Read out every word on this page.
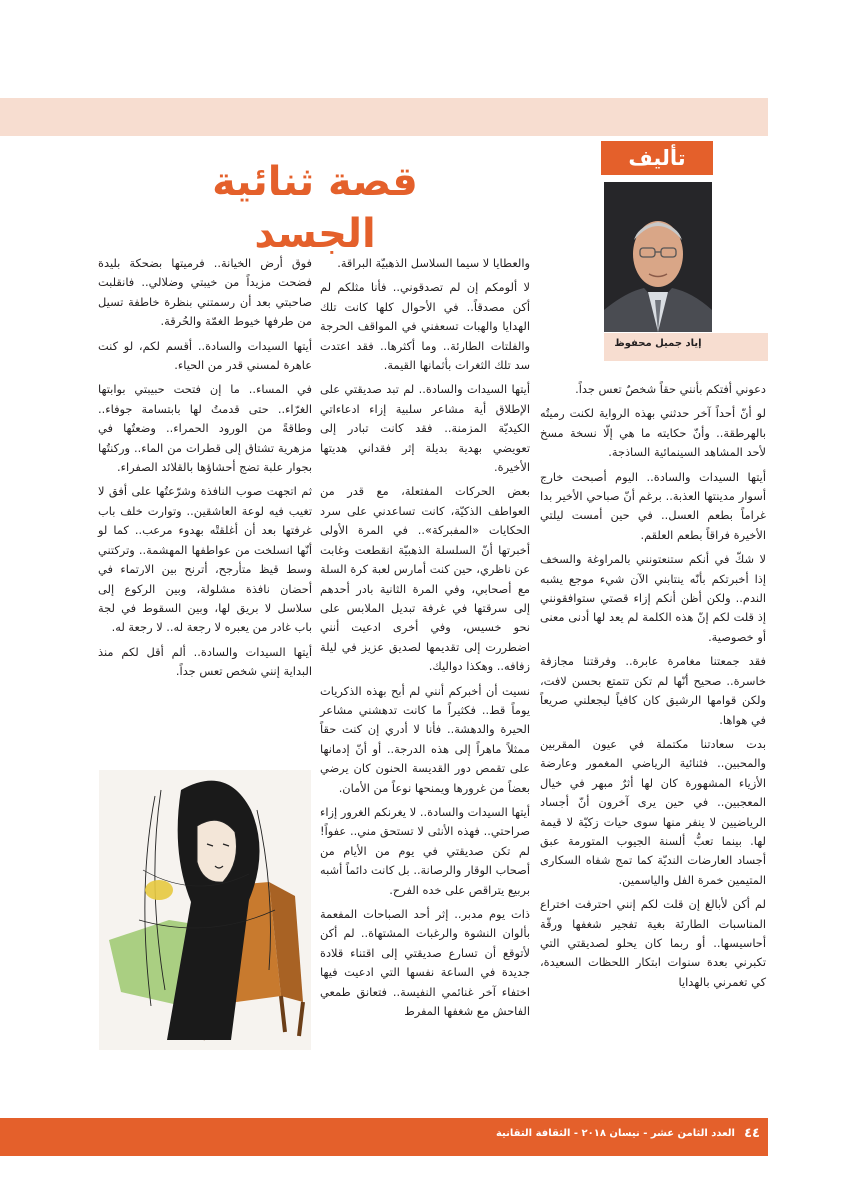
تأليف
قصة ثنائية الجسد
إياد جميل محفوظ

دعوني أفتكم بأنني حقاً شخصٌ تعس جداً.

لو أنّ أحداً آخر حدثني بهذه الرواية لكنت رميتُه بالهرطقة.. وأنّ حكايته ما هي إلّا نسخة مسخ لأحد المشاهد السينمائية الساذجة.

أيتها السيدات والسادة.. اليوم أصبحت خارج أسوار مدينتها العذبة.. برغم أنّ صباحي الأخير بدا غراماً بطعم العسل.. في حين أمست ليلتي الأخيرة فراقاً بطعم العلقم.

لا شكّ في أنكم ستنعتونني بالمراوغة والسخف إذا أخبرتكم بأنّه ينتابني الآن شيء موجع يشبه الندم.. ولكن أظن أنكم إزاء قصتي ستوافقونني إذ قلت لكم إنّ هذه الكلمة لم يعد لها أدنى معنى أو خصوصية.

فقد جمعتنا مغامرة عابرة.. وفرقتنا مجازفة خاسرة.. صحيح أنّها لم تكن تتمتع بحسن لافت، ولكن قوامها الرشيق كان كافياً ليجعلني صريعاً في هواها.

بدت سعادتنا مكتملة في عيون المقربين والمحبين.. فثنائية الرياضي المغمور وعارضة الأزياء المشهورة كان لها أثرٌ مبهر في خيال المعجبين.. في حين يرى آخرون أنّ أجساد الرياضيين لا ينفر منها سوى حيات زكيّة لا قيمة لها. بينما تعبُّ ألسنة الجيوب المتورمة عبق أجساد العارضات النديّة كما تمج شفاه السكارى المتيمين خمرة الفل والياسمين.

لم أكن لأبالغ إن قلت لكم إنني احترفت اختراع المناسبات الطارئة بغية تفجير شغفها ورقّة أحاسيسها.. أو ربما كان يحلو لصديقتي التي تكبرني بعدة سنوات ابتكار اللحظات السعيدة، كي تغمرني بالهدايا

والعطايا لا سيما السلاسل الذهبيّة البراقة.

لا ألومكم إن لم تصدقوني.. فأنا مثلكم لم أكن مصدقاً.. في الأحوال كلها كانت تلك الهدايا والهبات تسعفني في المواقف الحرجة والفلتات الطارئة.. وما أكثرها.. فقد اعتدت سد تلك الثغرات بأثمانها القيمة.

أيتها السيدات والسادة.. لم تبد صديقتي على الإطلاق أية مشاعر سلبية إزاء ادعاءاتي الكيديّة المزمنة.. فقد كانت تبادر إلى تعويضي بهدية بديلة إثر فقداني هديتها الأخيرة.

بعض الحركات المفتعلة، مع قدر من العواطف الذكيّة، كانت تساعدني على سرد الحكايات «المفبركة».. في المرة الأولى أخبرتها أنّ السلسلة الذهبيّة انقطعت وغابت عن ناظري، حين كنت أمارس لعبة كرة السلة مع أصحابي، وفي المرة الثانية بادر أحدهم إلى سرقتها في غرفة تبديل الملابس على نحو خسيس، وفي أخرى ادعيت أنني اضطررت إلى تقديمها لصديق عزيز في ليلة زفافه.. وهكذا دواليك.

نسيت أن أخبركم أنني لم أبح بهذه الذكريات يوماً قط.. فكثيراً ما كانت تدهشني مشاعر الحيرة والدهشة.. فأنا لا أدري إن كنت حقاً ممثلاً ماهراً إلى هذه الدرجة.. أو أنّ إدمانها على تقمص دور القديسة الحنون كان يرضي بعضاً من غرورها ويمنحها نوعاً من الأمان.

أيتها السيدات والسادة.. لا يغرنكم الغرور إزاء صراحتي.. فهذه الأنثى لا تستحق مني.. عفواً! لم تكن صديقتي في يوم من الأيام من أصحاب الوقار والرصانة.. بل كانت دائماً أشبه بربيع يتراقص على خده الفرح.

ذات يوم مدبر.. إثر أحد الصباحات المفعمة بألوان النشوة والرغبات المشتهاة.. لم أكن لأتوقع أن تسارع صديقتي إلى اقتناء قلادة جديدة في الساعة نفسها التي ادعيت فيها اختفاء آخر غنائمي النفيسة.. فتعانق طمعي الفاحش مع شغفها المفرط

فوق أرض الخيانة.. فرميتها بضحكة بليدة فضحت مزيداً من خيبتي وضلالي.. فانقلبت صاحبتي بعد أن رسمتني بنظرة خاطفة تسيل من طرفها خيوط الغمّة والحُرقة.

أيتها السيدات والسادة.. أقسم لكم، لو كنت عاهرة لمسني قدر من الحياء.

في المساء.. ما إن فتحت حبيبتي بوابتها الغرّاء.. حتى قدمتُ لها بابتسامة جوفاء.. وطاقةً من الورود الحمراء.. وضعتُها في مزهرية تشتاق إلى قطرات من الماء.. وركنتُها بجوار علبة تضج أحشاؤها بالقلائد الصفراء.

ثم اتجهت صوب النافذة وشرّعتُها على أفق لا تغيب فيه لوعة العاشقين.. وتوارت خلف باب غرفتها بعد أن أغلقتْه بهدوء مرعب.. كما لو أنّها انسلخت من عواطفها المهشمة.. وتركتني وسط قيظ متأرجح، أترنح بين الارتماء في أحضان نافذة مشلولة، وبين الركوع إلى سلاسل لا بريق لها، وبين السقوط في لجة باب غادر من يعبره لا رجعة له.. لا رجعة له.

أيتها السيدات والسادة.. ألم أقل لكم منذ البداية إنني شخص تعس جداً.

العدد الثامن عشر - نيسان ٢٠١٨ - الثقافة التقانية ٤٤
